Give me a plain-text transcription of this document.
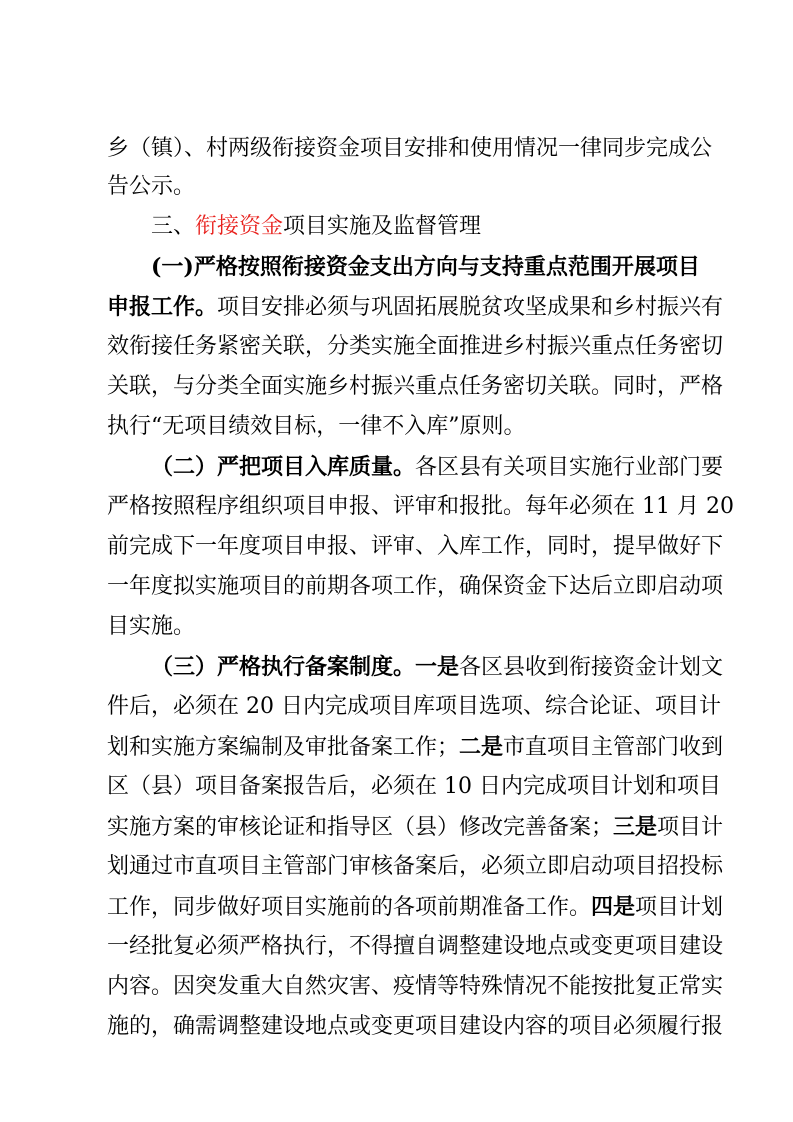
乡（镇）、村两级衔接资金项目安排和使用情况一律同步完成公
告公示。
三、衔接资金项目实施及监督管理
(一)严格按照衔接资金支出方向与支持重点范围开展项目
申报工作。项目安排必须与巩固拓展脱贫攻坚成果和乡村振兴有
效衔接任务紧密关联，分类实施全面推进乡村振兴重点任务密切
关联，与分类全面实施乡村振兴重点任务密切关联。同时，严格
执行“无项目绩效目标，一律不入库”原则。
（二）严把项目入库质量。各区县有关项目实施行业部门要
严格按照程序组织项目申报、评审和报批。每年必须在 11 月 20
前完成下一年度项目申报、评审、入库工作，同时，提早做好下
一年度拟实施项目的前期各项工作，确保资金下达后立即启动项
目实施。
（三）严格执行备案制度。一是各区县收到衔接资金计划文
件后，必须在 20 日内完成项目库项目选项、综合论证、项目计
划和实施方案编制及审批备案工作；二是市直项目主管部门收到
区（县）项目备案报告后，必须在 10 日内完成项目计划和项目
实施方案的审核论证和指导区（县）修改完善备案；三是项目计
划通过市直项目主管部门审核备案后，必须立即启动项目招投标
工作，同步做好项目实施前的各项前期准备工作。四是项目计划
一经批复必须严格执行，不得擅自调整建设地点或变更项目建设
内容。因突发重大自然灾害、疫情等特殊情况不能按批复正常实
施的，确需调整建设地点或变更项目建设内容的项目必须履行报
